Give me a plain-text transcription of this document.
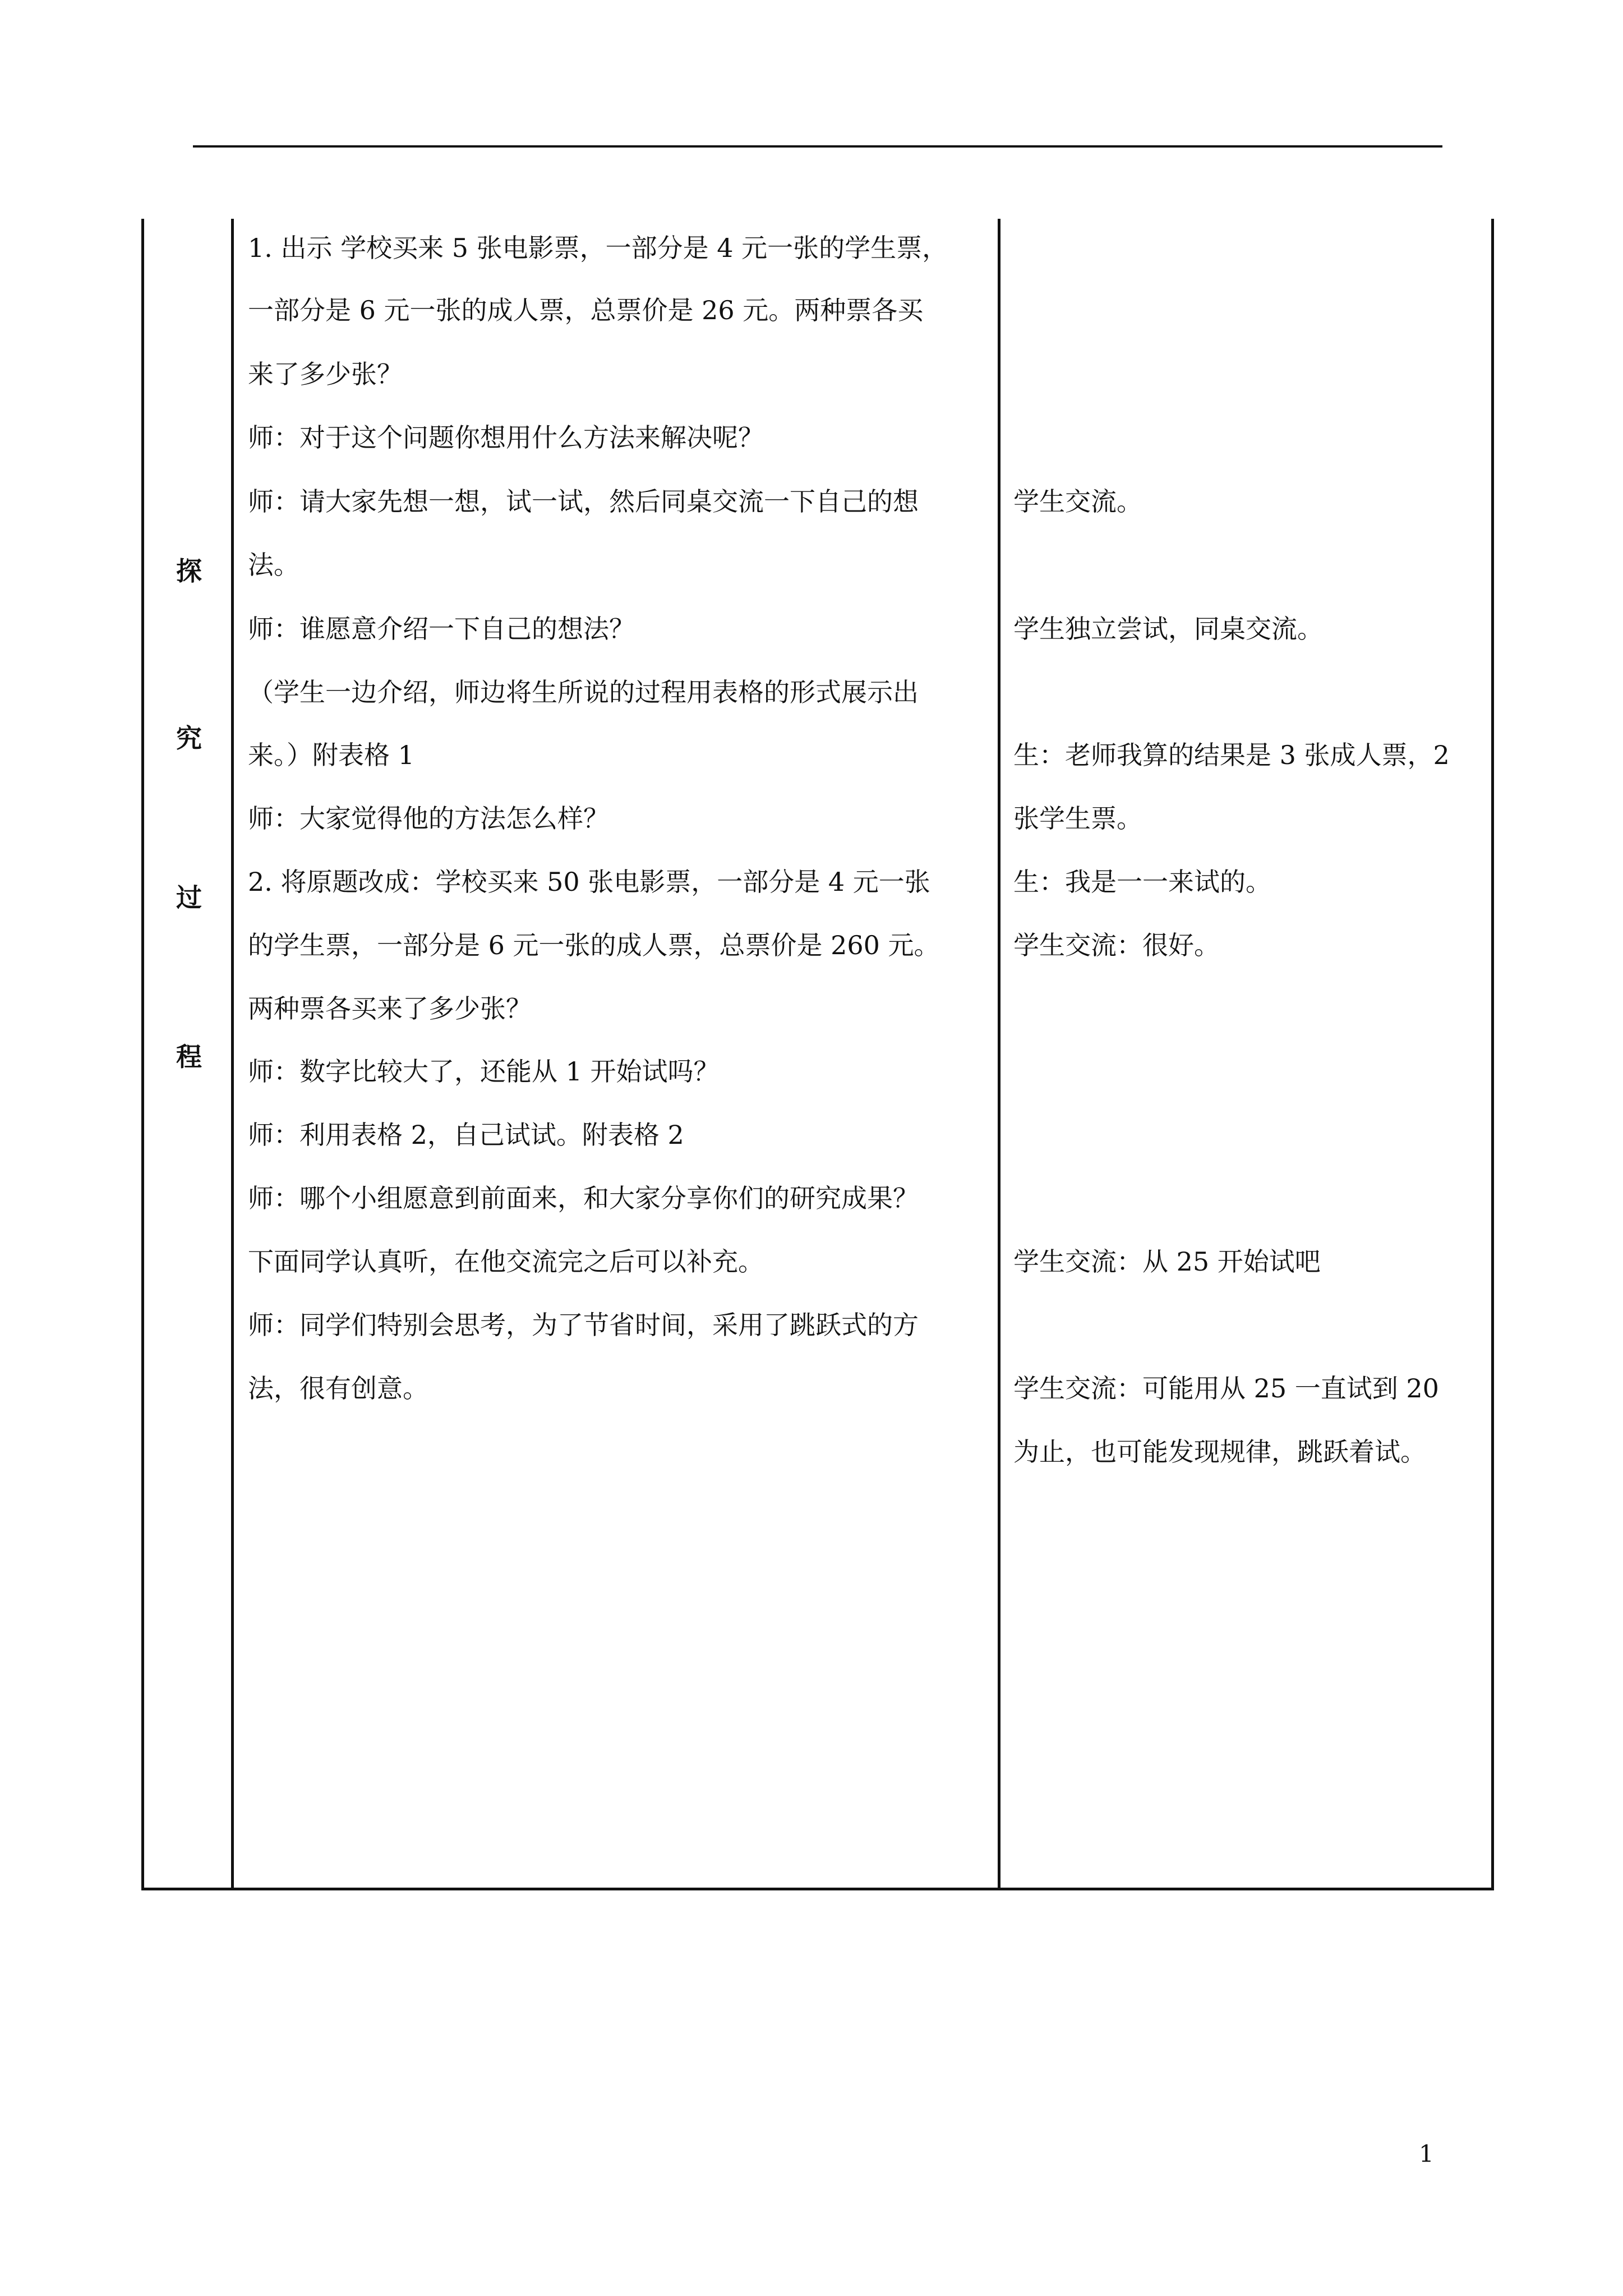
探
究
过
程
1. 出示 学校买来 5 张电影票，一部分是 4 元一张的学生票，
一部分是 6 元一张的成人票，总票价是 26 元。两种票各买
来了多少张？
师：对于这个问题你想用什么方法来解决呢？
师：请大家先想一想，试一试，然后同桌交流一下自己的想
法。
师：谁愿意介绍一下自己的想法？
（学生一边介绍，师边将生所说的过程用表格的形式展示出
来。）附表格 1
师：大家觉得他的方法怎么样？
2. 将原题改成：学校买来 50 张电影票，一部分是 4 元一张
的学生票，一部分是 6 元一张的成人票，总票价是 260 元。
两种票各买来了多少张？
师：数字比较大了，还能从 1 开始试吗？
师：利用表格 2，自己试试。附表格 2
师：哪个小组愿意到前面来，和大家分享你们的研究成果？
下面同学认真听，在他交流完之后可以补充。
师：同学们特别会思考，为了节省时间，采用了跳跃式的方
法，很有创意。
学生交流。
学生独立尝试，同桌交流。
生：老师我算的结果是 3 张成人票，2
张学生票。
生：我是一一来试的。
学生交流：很好。
学生交流：从 25 开始试吧
学生交流：可能用从 25 一直试到 20
为止，也可能发现规律，跳跃着试。
1
